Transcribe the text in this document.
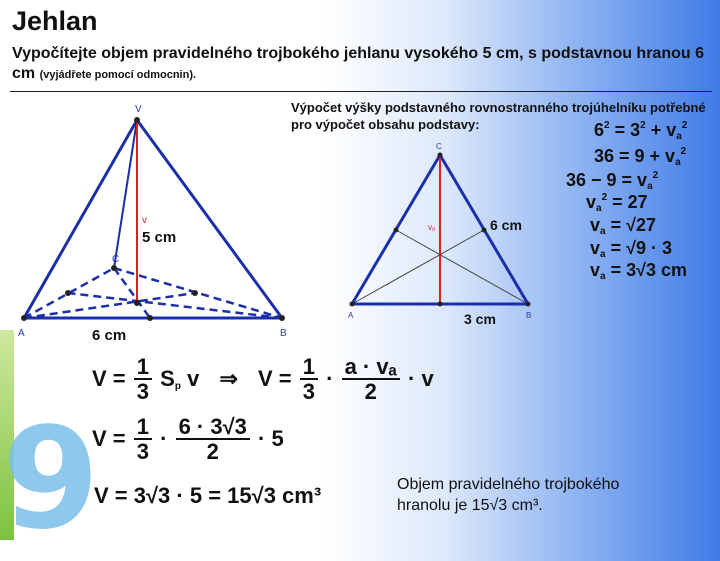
9
Jehlan
Vypočítejte objem pravidelného trojbokého jehlanu vysokého 5 cm, s podstavnou hranou 6 cm (vyjádřete pomocí odmocnin).
Výpočet výšky podstavného rovnostranného trojúhelníku potřebné pro výpočet obsahu podstavy:
V
A	B
C
v
5 cm
6 cm
C
A	B
vₐ	6 cm
3 cm
$6^2 = 3^2 + v_a^2$
$36 = 9 + v_a^2$
$36 - 9 = v_a^2$
$v_a^2 = 27$
$v_a = √27$
$v_a = √9 \cdot 3$
$v_a = 3√3$ cm
$V = \frac{1}{3} S_p$ v ⇒ $V = \frac{1}{3} \cdot \frac{\text{a · vₐ}}{2} \cdot v$
$V = \frac{1}{3} \cdot \frac{6 \cdot 3√3}{2} \cdot 5$
V = 3√3 · 5 = 15√3 cm³	Objem pravidelného trojbokého
hranolu je 15√3 cm³.
